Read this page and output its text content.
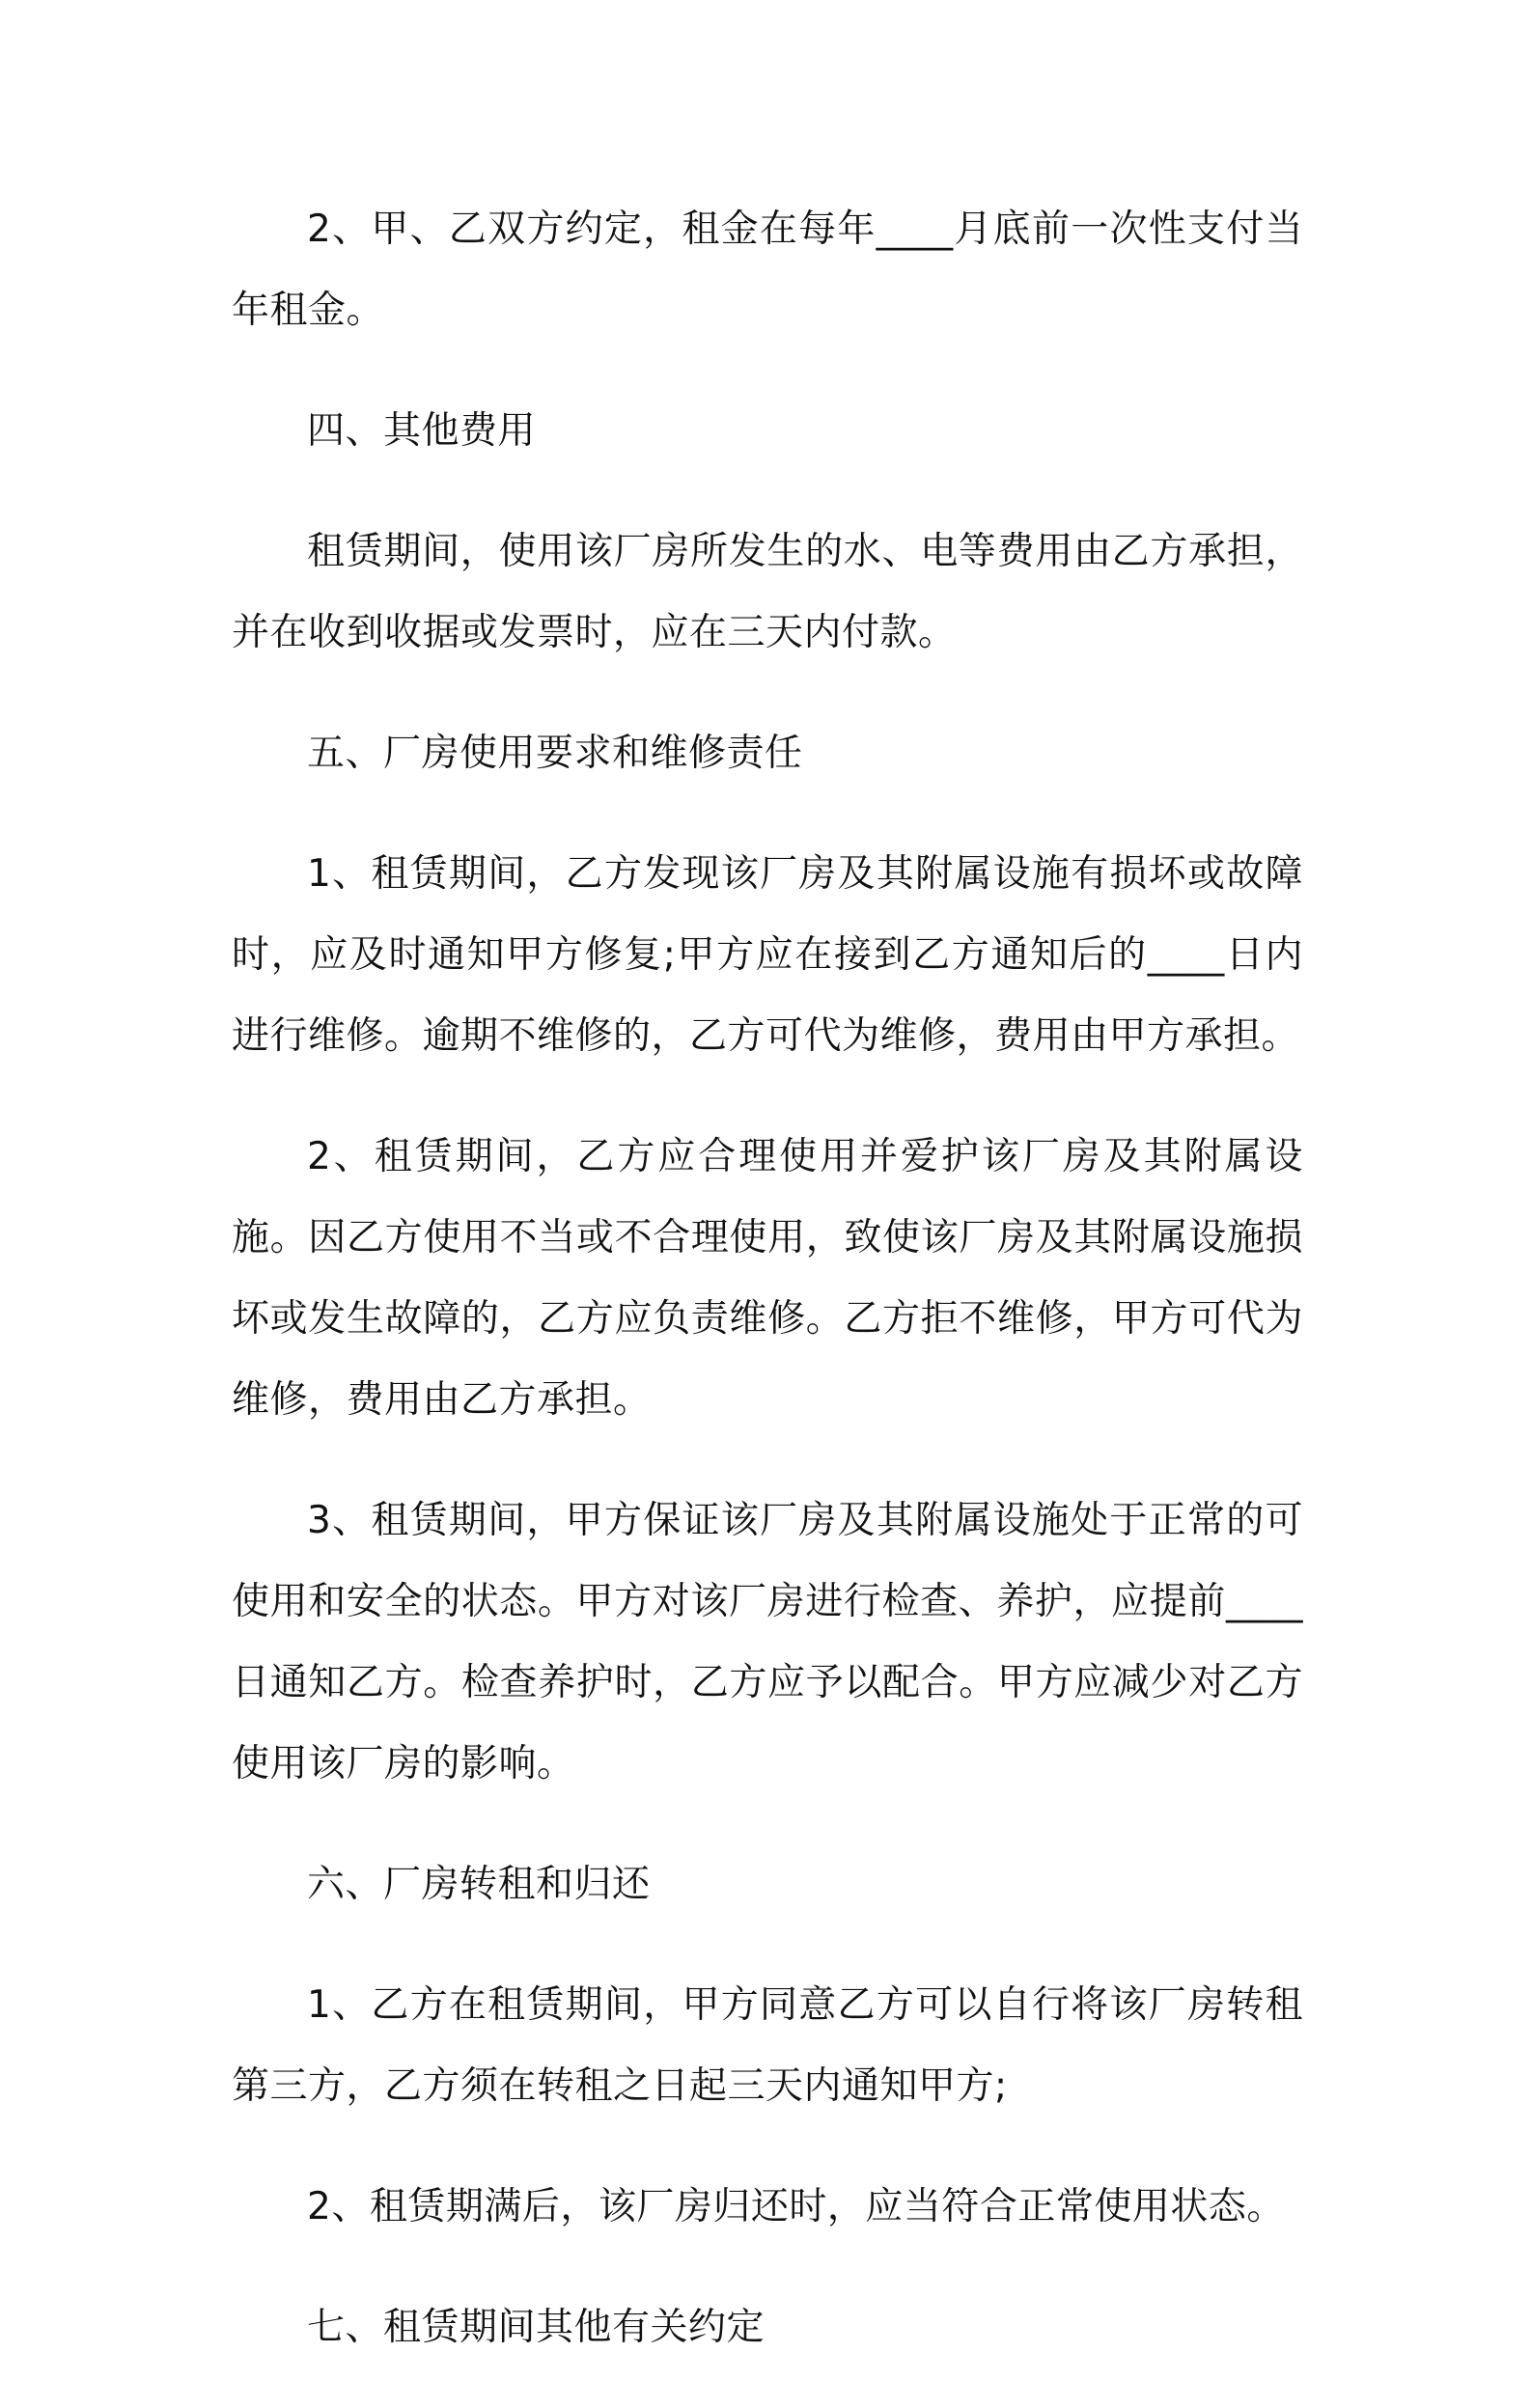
2、甲、乙双方约定，租金在每年____月底前一次性支付当年租金。

四、其他费用

租赁期间，使用该厂房所发生的水、电等费用由乙方承担，并在收到收据或发票时，应在三天内付款。

五、厂房使用要求和维修责任

1、租赁期间，乙方发现该厂房及其附属设施有损坏或故障时，应及时通知甲方修复;甲方应在接到乙方通知后的____日内进行维修。逾期不维修的，乙方可代为维修，费用由甲方承担。

2、租赁期间，乙方应合理使用并爱护该厂房及其附属设施。因乙方使用不当或不合理使用，致使该厂房及其附属设施损坏或发生故障的，乙方应负责维修。乙方拒不维修，甲方可代为维修，费用由乙方承担。

3、租赁期间，甲方保证该厂房及其附属设施处于正常的可使用和安全的状态。甲方对该厂房进行检查、养护，应提前____日通知乙方。检查养护时，乙方应予以配合。甲方应减少对乙方使用该厂房的影响。

六、厂房转租和归还

1、乙方在租赁期间，甲方同意乙方可以自行将该厂房转租第三方，乙方须在转租之日起三天内通知甲方;

2、租赁期满后，该厂房归还时，应当符合正常使用状态。

七、租赁期间其他有关约定
